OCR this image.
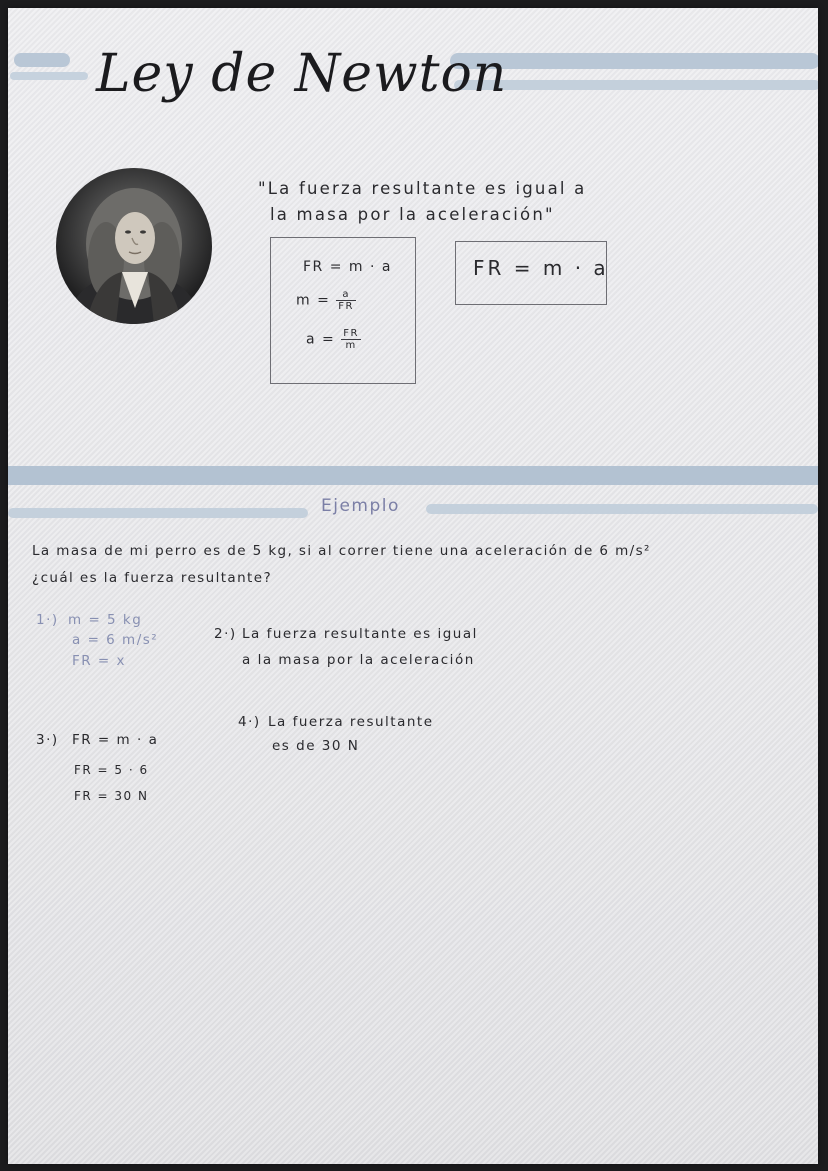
Ley de Newton
"La fuerza resultante es igual a
la masa por la aceleración"
FR = m · a
$m = \frac{a}{FR}$
$a = \frac{FR}{m}$
FR = m · a
Ejemplo
La masa de mi perro es de 5 kg, si al correr tiene una aceleración de 6 m/s²
¿cuál es la fuerza resultante?
1·) m = 5 kg
a = 6 m/s²
FR = x
2·) La fuerza resultante es igual
a la masa por la aceleración
3·) FR = m · a
FR = 5 · 6
FR = 30 N
4·) La fuerza resultante
es de 30 N
